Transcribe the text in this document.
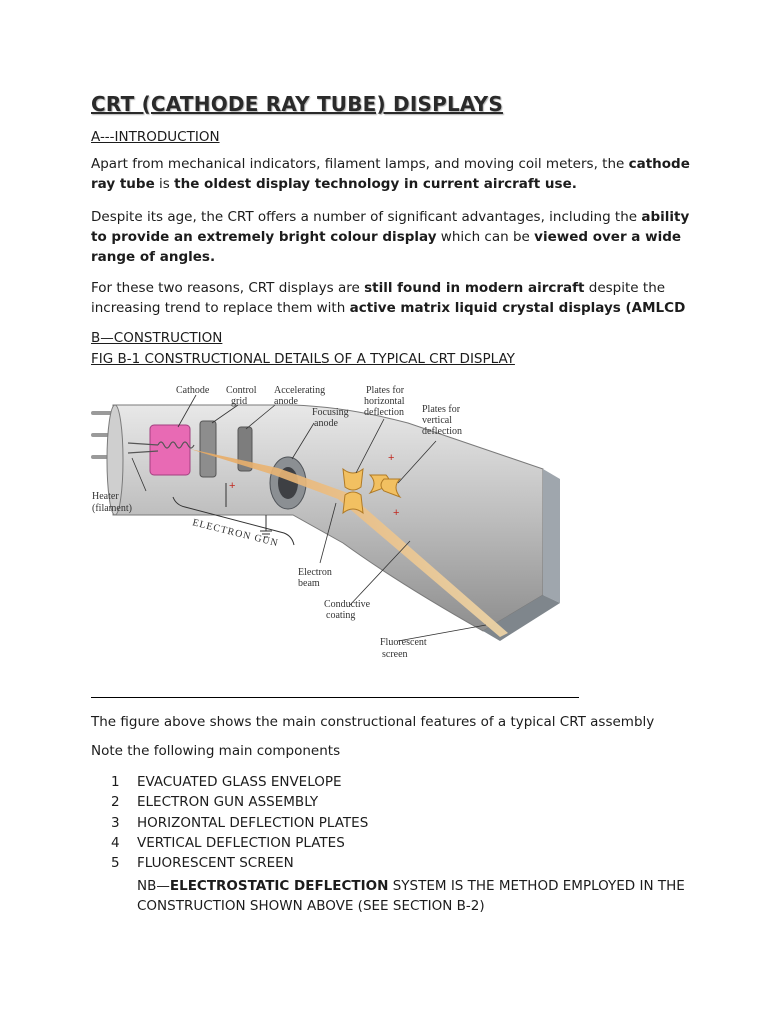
CRT (CATHODE RAY TUBE) DISPLAYS
A---INTRODUCTION

Apart from mechanical indicators, filament lamps, and moving coil meters, the cathode ray tube is the oldest display technology in current aircraft use.

Despite its age, the CRT offers a number of significant advantages, including the ability to provide an extremely bright colour display which can be viewed over a wide range of angles.

For these two reasons, CRT displays are still found in modern aircraft despite the increasing trend to replace them with active matrix liquid crystal displays (AMLCD

B—CONSTRUCTION
FIG B-1 CONSTRUCTIONAL DETAILS OF A TYPICAL CRT DISPLAY
+
+
+
Cathode Control
grid
Accelerating
anode
Focusing
anode
Plates for
horizontal
deflection Plates for
vertical
deflection
Heater
(filament)
ELECTRON GUN
Electron
beam
Conductive
coating
Fluorescent
screen

The figure above shows the main constructional features of a typical CRT assembly

Note the following main components

1 EVACUATED GLASS ENVELOPE
2 ELECTRON GUN ASSEMBLY
3 HORIZONTAL DEFLECTION PLATES
4 VERTICAL DEFLECTION PLATES
5 FLUORESCENT SCREEN

NB—ELECTROSTATIC DEFLECTION SYSTEM IS THE METHOD EMPLOYED IN THE CONSTRUCTION SHOWN ABOVE (SEE SECTION B-2)
